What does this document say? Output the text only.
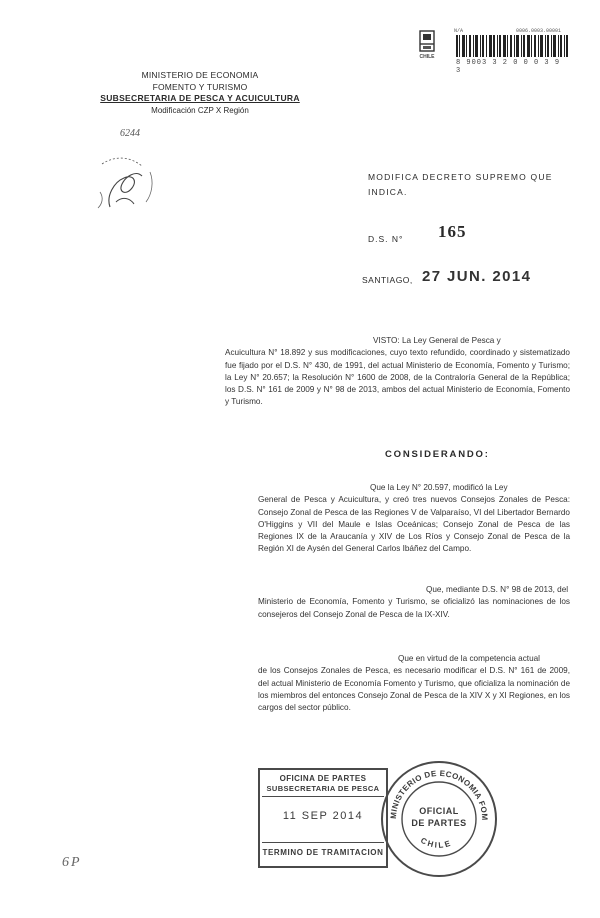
CHILE
N/A	0006.0003.00001
8 9003 3 2 0 0 0 3 9 3
MINISTERIO DE ECONOMIA
FOMENTO Y TURISMO
SUBSECRETARIA DE PESCA Y ACUICULTURA
Modificación CZP X Región
6244
MODIFICA DECRETO SUPREMO QUE INDICA.
D.S. N° 165
SANTIAGO, 27 JUN. 2014
VISTO: La Ley General de Pesca y
Acuicultura N° 18.892 y sus modificaciones, cuyo texto refundido, coordinado y sistematizado fue fijado por el D.S. N° 430, de 1991, del actual Ministerio de Economía, Fomento y Turismo; la Ley N° 20.657; la Resolución N° 1600 de 2008, de la Contraloría General de la República; los D.S. N° 161 de 2009 y N° 98 de 2013, ambos del actual Ministerio de Economía, Fomento y Turismo.
CONSIDERANDO:
Que la Ley N° 20.597, modificó la Ley
General de Pesca y Acuicultura, y creó tres nuevos Consejos Zonales de Pesca: Consejo Zonal de Pesca de las Regiones V de Valparaíso, VI del Libertador Bernardo O'Higgins y VII del Maule e Islas Oceánicas; Consejo Zonal de Pesca de las Regiones IX de la Araucanía y XIV de Los Ríos y Consejo Zonal de Pesca de la Región XI de Aysén del General Carlos Ibáñez del Campo.
Que, mediante D.S. N° 98 de 2013, del
Ministerio de Economía, Fomento y Turismo, se oficializó las nominaciones de los consejeros del Consejo Zonal de Pesca de la IX-XIV.
Que en virtud de la competencia actual
de los Consejos Zonales de Pesca, es necesario modificar el D.S. N° 161 de 2009, del actual Ministerio de Economía Fomento y Turismo, que oficializa la nominación de los miembros del entonces Consejo Zonal de Pesca de la XIV X y XI Regiones, en los cargos del sector público.
OFICINA DE PARTES
SUBSECRETARIA DE PESCA
11 SEP 2014
TERMINO DE TRAMITACION
MINISTERIO DE ECONOMIA FOM
CHILE
OFICIAL
DE PARTES
6P
